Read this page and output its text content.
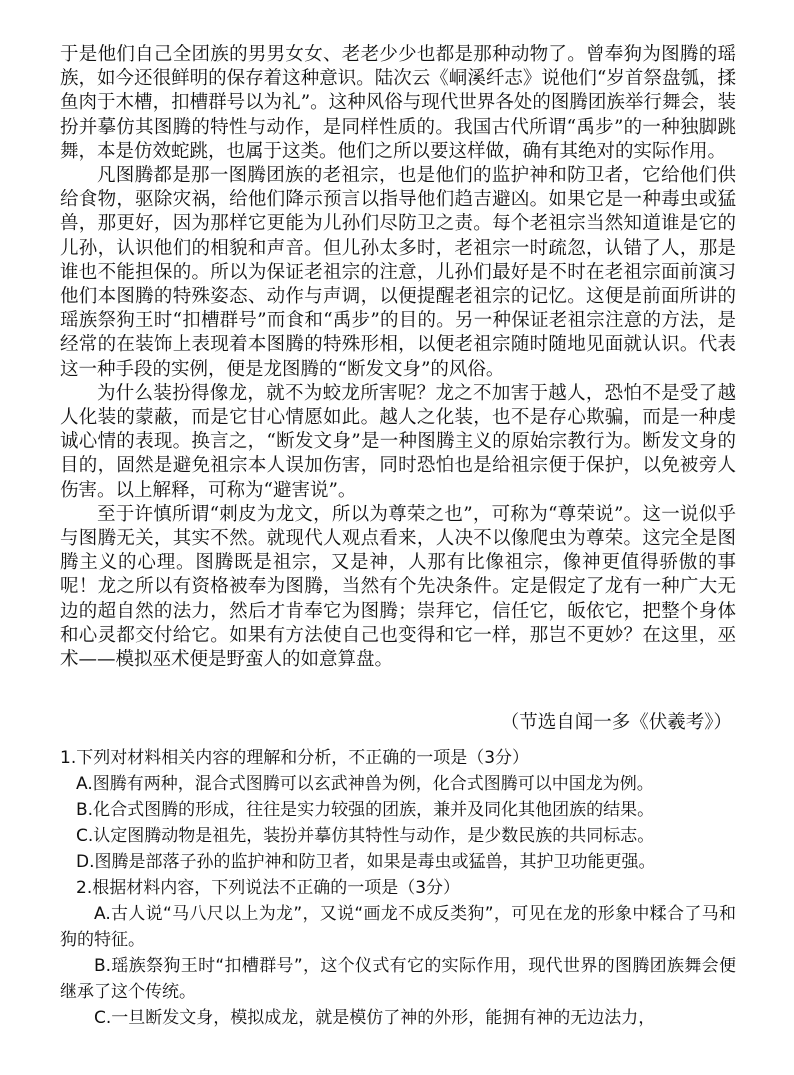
于是他们自己全团族的男男女女、老老少少也都是那种动物了。曾奉狗为图腾的瑶族，如今还很鲜明的保存着这种意识。陆次云《峒溪纤志》说他们“岁首祭盘瓠，揉鱼肉于木槽，扣槽群号以为礼”。这种风俗与现代世界各处的图腾团族举行舞会，装扮并摹仿其图腾的特性与动作，是同样性质的。我国古代所谓“禹步”的一种独脚跳舞，本是仿效蛇跳，也属于这类。他们之所以要这样做，确有其绝对的实际作用。

凡图腾都是那一图腾团族的老祖宗，也是他们的监护神和防卫者，它给他们供给食物，驱除灾祸，给他们降示预言以指导他们趋吉避凶。如果它是一种毒虫或猛兽，那更好，因为那样它更能为儿孙们尽防卫之责。每个老祖宗当然知道谁是它的儿孙，认识他们的相貌和声音。但儿孙太多时，老祖宗一时疏忽，认错了人，那是谁也不能担保的。所以为保证老祖宗的注意，儿孙们最好是不时在老祖宗面前演习他们本图腾的特殊姿态、动作与声调，以便提醒老祖宗的记忆。这便是前面所讲的瑶族祭狗王时“扣槽群号”而食和“禹步”的目的。另一种保证老祖宗注意的方法，是经常的在装饰上表现着本图腾的特殊形相，以便老祖宗随时随地见面就认识。代表这一种手段的实例，便是龙图腾的“断发文身”的风俗。

为什么装扮得像龙，就不为蛟龙所害呢？龙之不加害于越人，恐怕不是受了越人化装的蒙蔽，而是它甘心情愿如此。越人之化装，也不是存心欺骗，而是一种虔诚心情的表现。换言之，“断发文身”是一种图腾主义的原始宗教行为。断发文身的目的，固然是避免祖宗本人误加伤害，同时恐怕也是给祖宗便于保护，以免被旁人伤害。以上解释，可称为“避害说”。

至于许慎所谓“刺皮为龙文，所以为尊荣之也”，可称为“尊荣说”。这一说似乎与图腾无关，其实不然。就现代人观点看来，人决不以像爬虫为尊荣。这完全是图腾主义的心理。图腾既是祖宗，又是神，人那有比像祖宗，像神更值得骄傲的事呢！龙之所以有资格被奉为图腾，当然有个先决条件。定是假定了龙有一种广大无边的超自然的法力，然后才肯奉它为图腾；崇拜它，信任它，皈依它，把整个身体和心灵都交付给它。如果有方法使自己也变得和它一样，那岂不更妙？在这里，巫术——模拟巫术便是野蛮人的如意算盘。

（节选自闻一多《伏羲考》）

1.下列对材料相关内容的理解和分析，不正确的一项是（3分）

A.图腾有两种，混合式图腾可以玄武神兽为例，化合式图腾可以中国龙为例。

B.化合式图腾的形成，往往是实力较强的团族，兼并及同化其他团族的结果。

C.认定图腾动物是祖先，装扮并摹仿其特性与动作，是少数民族的共同标志。

D.图腾是部落子孙的监护神和防卫者，如果是毒虫或猛兽，其护卫功能更强。

2.根据材料内容，下列说法不正确的一项是（3分）

A.古人说“马八尺以上为龙”，又说“画龙不成反类狗”，可见在龙的形象中糅合了马和狗的特征。

B.瑶族祭狗王时“扣槽群号”，这个仪式有它的实际作用，现代世界的图腾团族舞会便继承了这个传统。

C.一旦断发文身，模拟成龙，就是模仿了神的外形，能拥有神的无边法力，
